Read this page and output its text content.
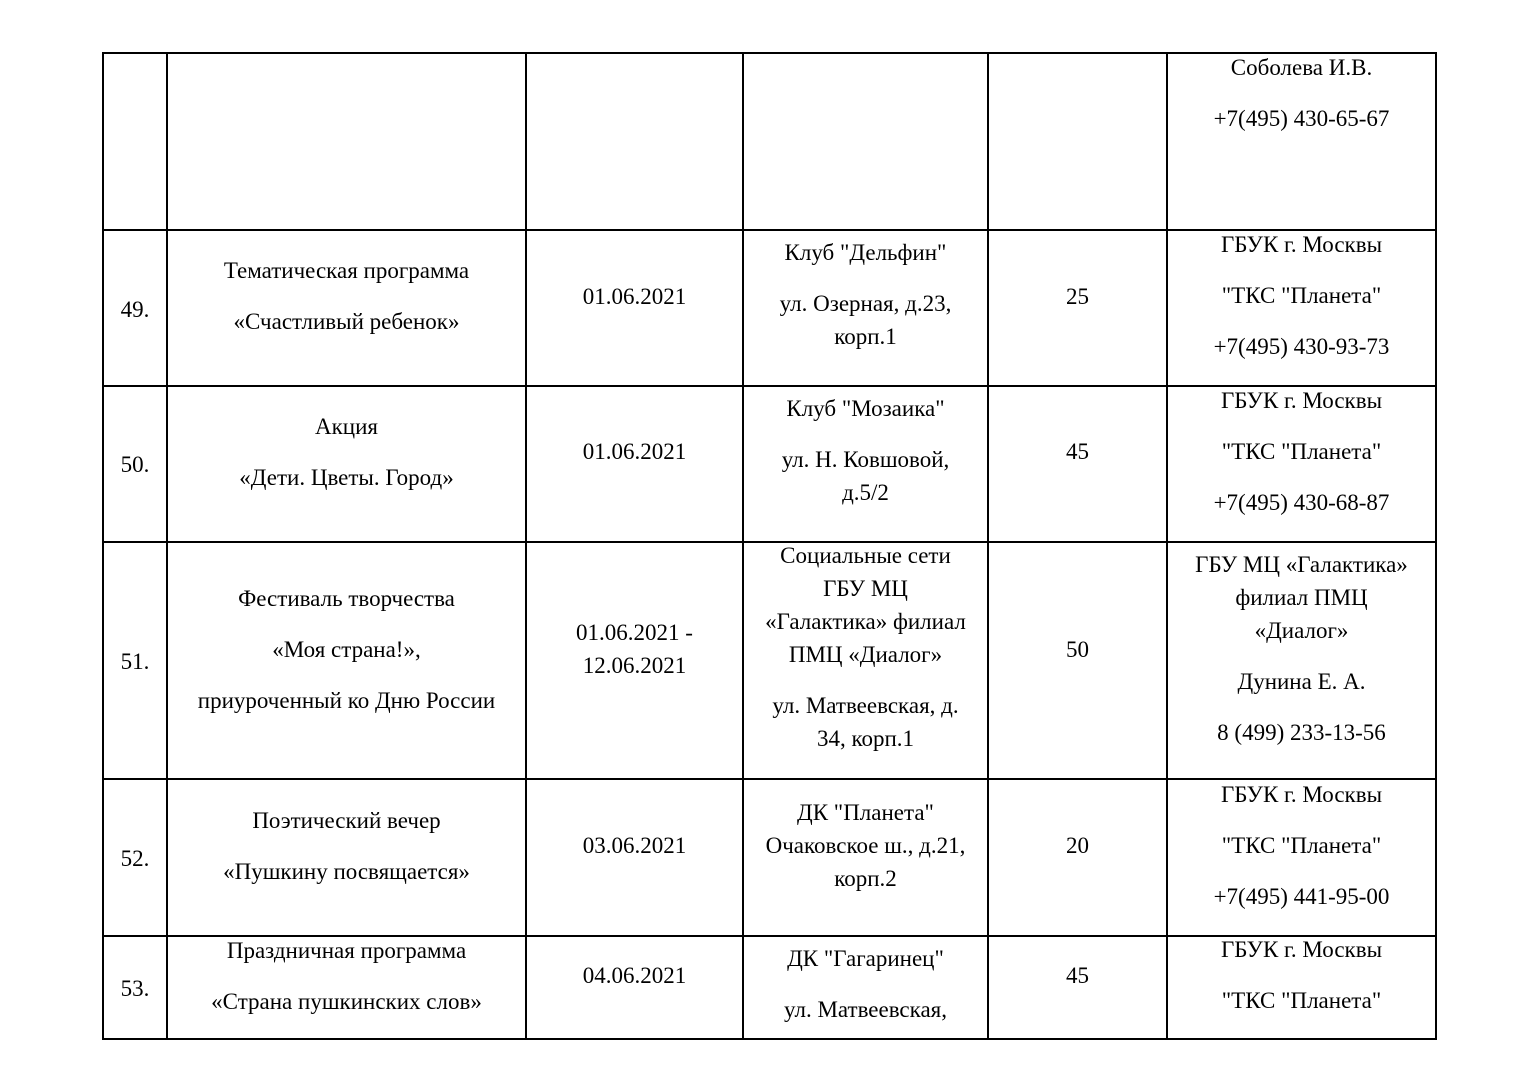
Соболева И.В.
+7(495) 430-65-67
49.
Тематическая программа
«Счастливый ребенок»
01.06.2021
Клуб "Дельфин"
ул. Озерная, д.23,
корп.1
25
ГБУК г. Москвы
"ТКС "Планета"
+7(495) 430-93-73
50.
Акция
«Дети. Цветы. Город»
01.06.2021
Клуб "Мозаика"
ул. Н. Ковшовой,
д.5/2
45
ГБУК г. Москвы
"ТКС "Планета"
+7(495) 430-68-87
51.
Фестиваль творчества
«Моя страна!»,
приуроченный ко Дню России
01.06.2021 -
12.06.2021
Социальные сети
ГБУ МЦ
«Галактика» филиал
ПМЦ «Диалог»
ул. Матвеевская, д.
34, корп.1
50
ГБУ МЦ «Галактика»
филиал ПМЦ
«Диалог»
Дунина Е. А.
8 (499) 233-13-56
52.
Поэтический вечер
«Пушкину посвящается»
03.06.2021
ДК "Планета"
Очаковское ш., д.21,
корп.2
20
ГБУК г. Москвы
"ТКС "Планета"
+7(495) 441-95-00
53.
Праздничная программа
«Страна пушкинских слов»
04.06.2021
ДК "Гагаринец"
ул. Матвеевская,
45
ГБУК г. Москвы
"ТКС "Планета"
